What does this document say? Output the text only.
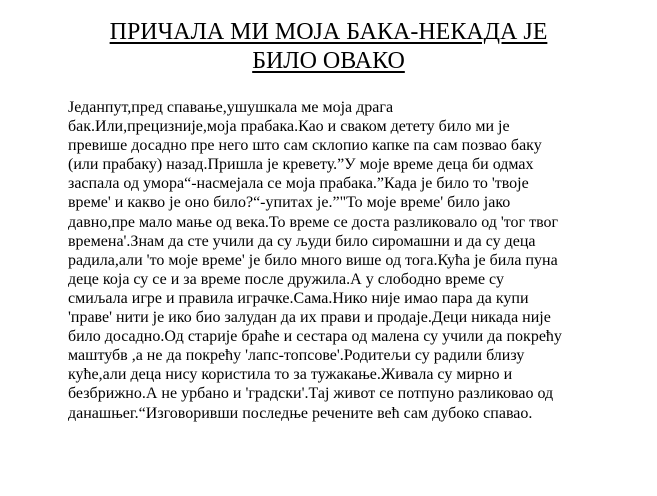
ПРИЧАЛА МИ МОЈА БАКА-НЕКАДА ЈЕ
БИЛО ОВАКО
Једанпут,пред спавање,ушушкала ме моја драга
бак.Или,прецизније,моја прабака.Као и сваком детету било ми је
превише досадно пре него што сам склопио капке па сам позвао баку
(или прабаку) назад.Пришла је кревету.”У моје време деца би одмах
заспала од умора“-насмејала се моја прабака.”Када је било то 'твоје
време' и какво је оно било?“-упитах је.”"То моје време' било јако
давно,пре мало мање од века.То време се доста разликовало од 'тог твог
времена'.Знам да сте учили да су људи било сиромашни и да су деца
радила,али 'то моје време' је било много више од тога.Кућа је била пуна
деце која су се и за време после дружила.А у слободно време су
смиљала игре и правила играчке.Сама.Нико није имао пара да купи
'праве' нити је ико био залудан да их прави и продаје.Деци никада није
било досадно.Од старије браће и сестара од малена су учили да покрећу
маштубв ,а не да покрећу 'лапс-топсове'.Родитељи су радили близу
куће,али деца нису користила то за тужакање.Живала су мирно и
безбрижно.А не урбано и 'градски'.Тај живот се потпуно разликовао од
данашњег.“Изговоривши последње речените већ сам дубоко спавао.
